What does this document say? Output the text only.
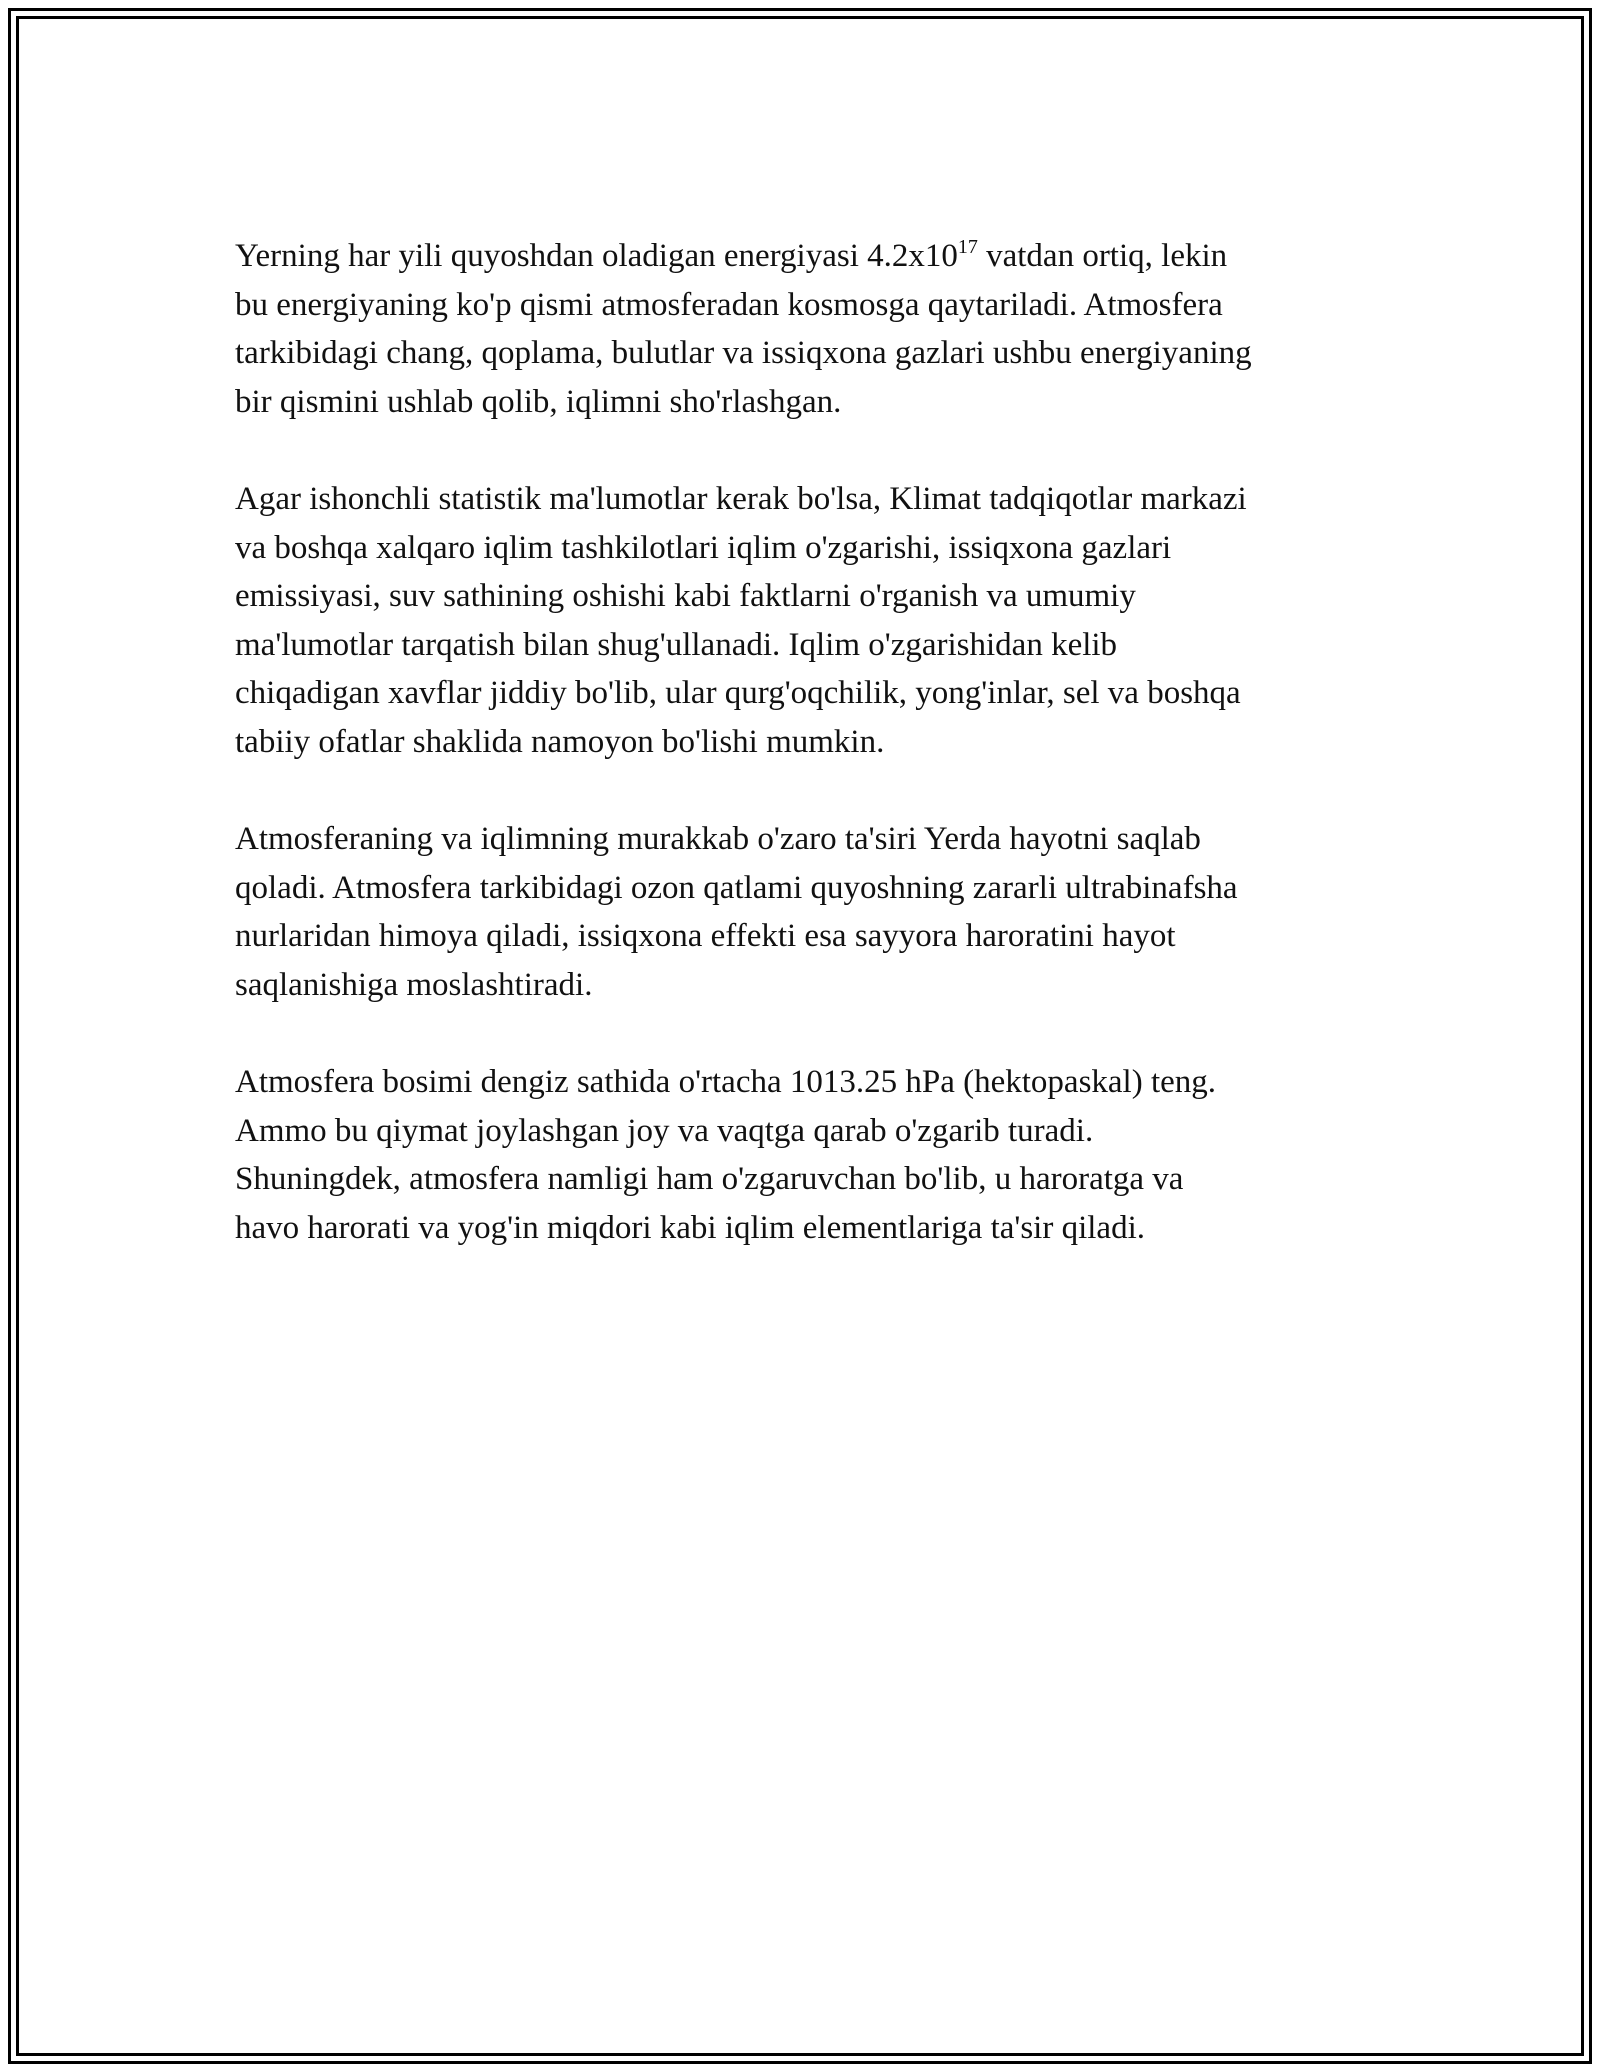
Yerning har yili quyoshdan oladigan energiyasi $4.2x10^{17}$ vatdan ortiq, lekin
bu energiyaning ko'p qismi atmosferadan kosmosga qaytariladi. Atmosfera
tarkibidagi chang, qoplama, bulutlar va issiqxona gazlari ushbu energiyaning
bir qismini ushlab qolib, iqlimni sho'rlashgan.

Agar ishonchli statistik ma'lumotlar kerak bo'lsa, Klimat tadqiqotlar markazi
va boshqa xalqaro iqlim tashkilotlari iqlim o'zgarishi, issiqxona gazlari
emissiyasi, suv sathining oshishi kabi faktlarni o'rganish va umumiy
ma'lumotlar tarqatish bilan shug'ullanadi. Iqlim o'zgarishidan kelib
chiqadigan xavflar jiddiy bo'lib, ular qurg'oqchilik, yong'inlar, sel va boshqa
tabiiy ofatlar shaklida namoyon bo'lishi mumkin.

Atmosferaning va iqlimning murakkab o'zaro ta'siri Yerda hayotni saqlab
qoladi. Atmosfera tarkibidagi ozon qatlami quyoshning zararli ultrabinafsha
nurlaridan himoya qiladi, issiqxona effekti esa sayyora haroratini hayot
saqlanishiga moslashtiradi.

Atmosfera bosimi dengiz sathida o'rtacha 1013.25 hPa (hektopaskal) teng.
Ammo bu qiymat joylashgan joy va vaqtga qarab o'zgarib turadi.
Shuningdek, atmosfera namligi ham o'zgaruvchan bo'lib, u haroratga va
havo harorati va yog'in miqdori kabi iqlim elementlariga ta'sir qiladi.
